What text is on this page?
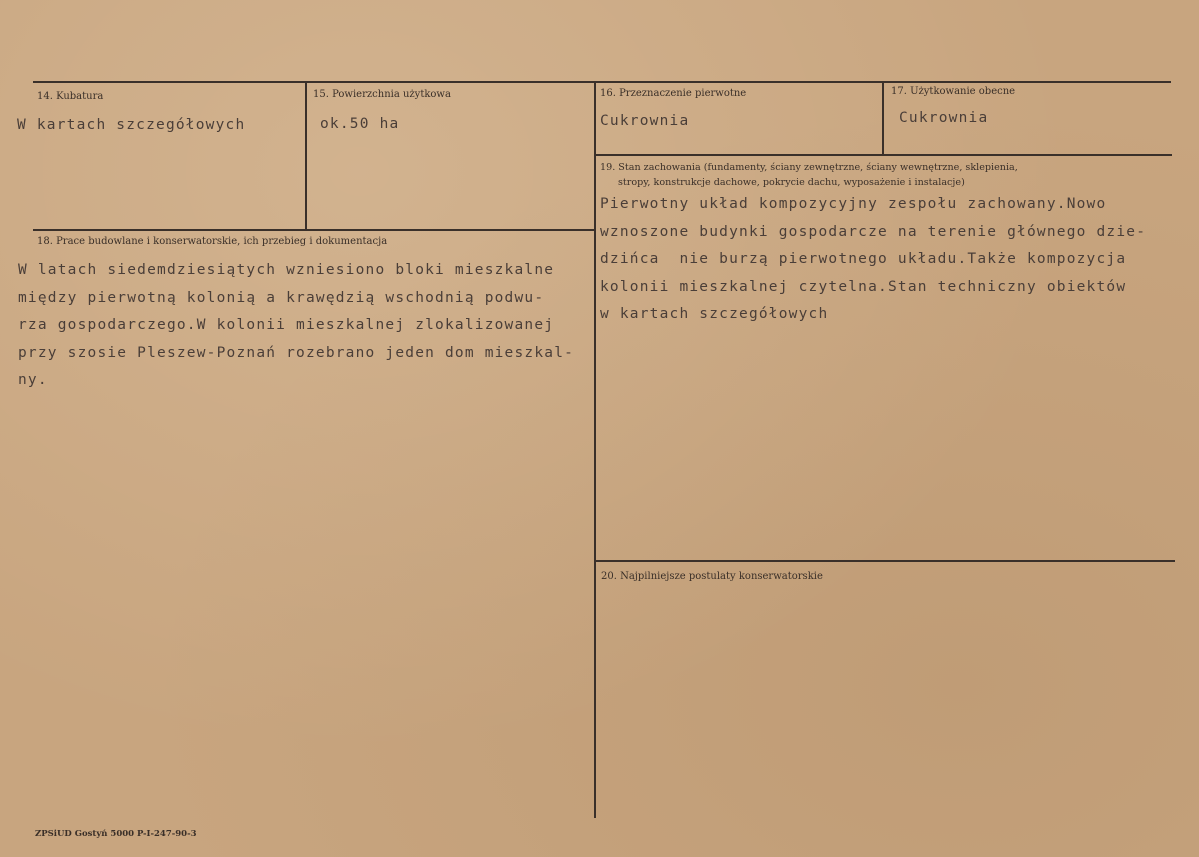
14. Kubatura
W kartach szczegółowych
15. Powierzchnia użytkowa
ok.50 ha
16. Przeznaczenie pierwotne
Cukrownia
17. Użytkowanie obecne
Cukrownia
18. Prace budowlane i konserwatorskie, ich przebieg i dokumentacja
W latach siedemdziesiątych wzniesiono bloki mieszkalne
między pierwotną kolonią a krawędzią wschodnią podwu-
rza gospodarczego.W kolonii mieszkalnej zlokalizowanej
przy szosie Pleszew-Poznań rozebrano jeden dom mieszkal-
ny.
19. Stan zachowania (fundamenty, ściany zewnętrzne, ściany wewnętrzne, sklepienia,
stropy, konstrukcje dachowe, pokrycie dachu, wyposażenie i instalacje)
Pierwotny układ kompozycyjny zespołu zachowany.Nowo
wznoszone budynki gospodarcze na terenie głównego dzie-
dzińca  nie burzą pierwotnego układu.Także kompozycja
kolonii mieszkalnej czytelna.Stan techniczny obiektów
w kartach szczegółowych
20. Najpilniejsze postulaty konserwatorskie
ZPSiUD Gostyń 5000 P-I-247-90-3
